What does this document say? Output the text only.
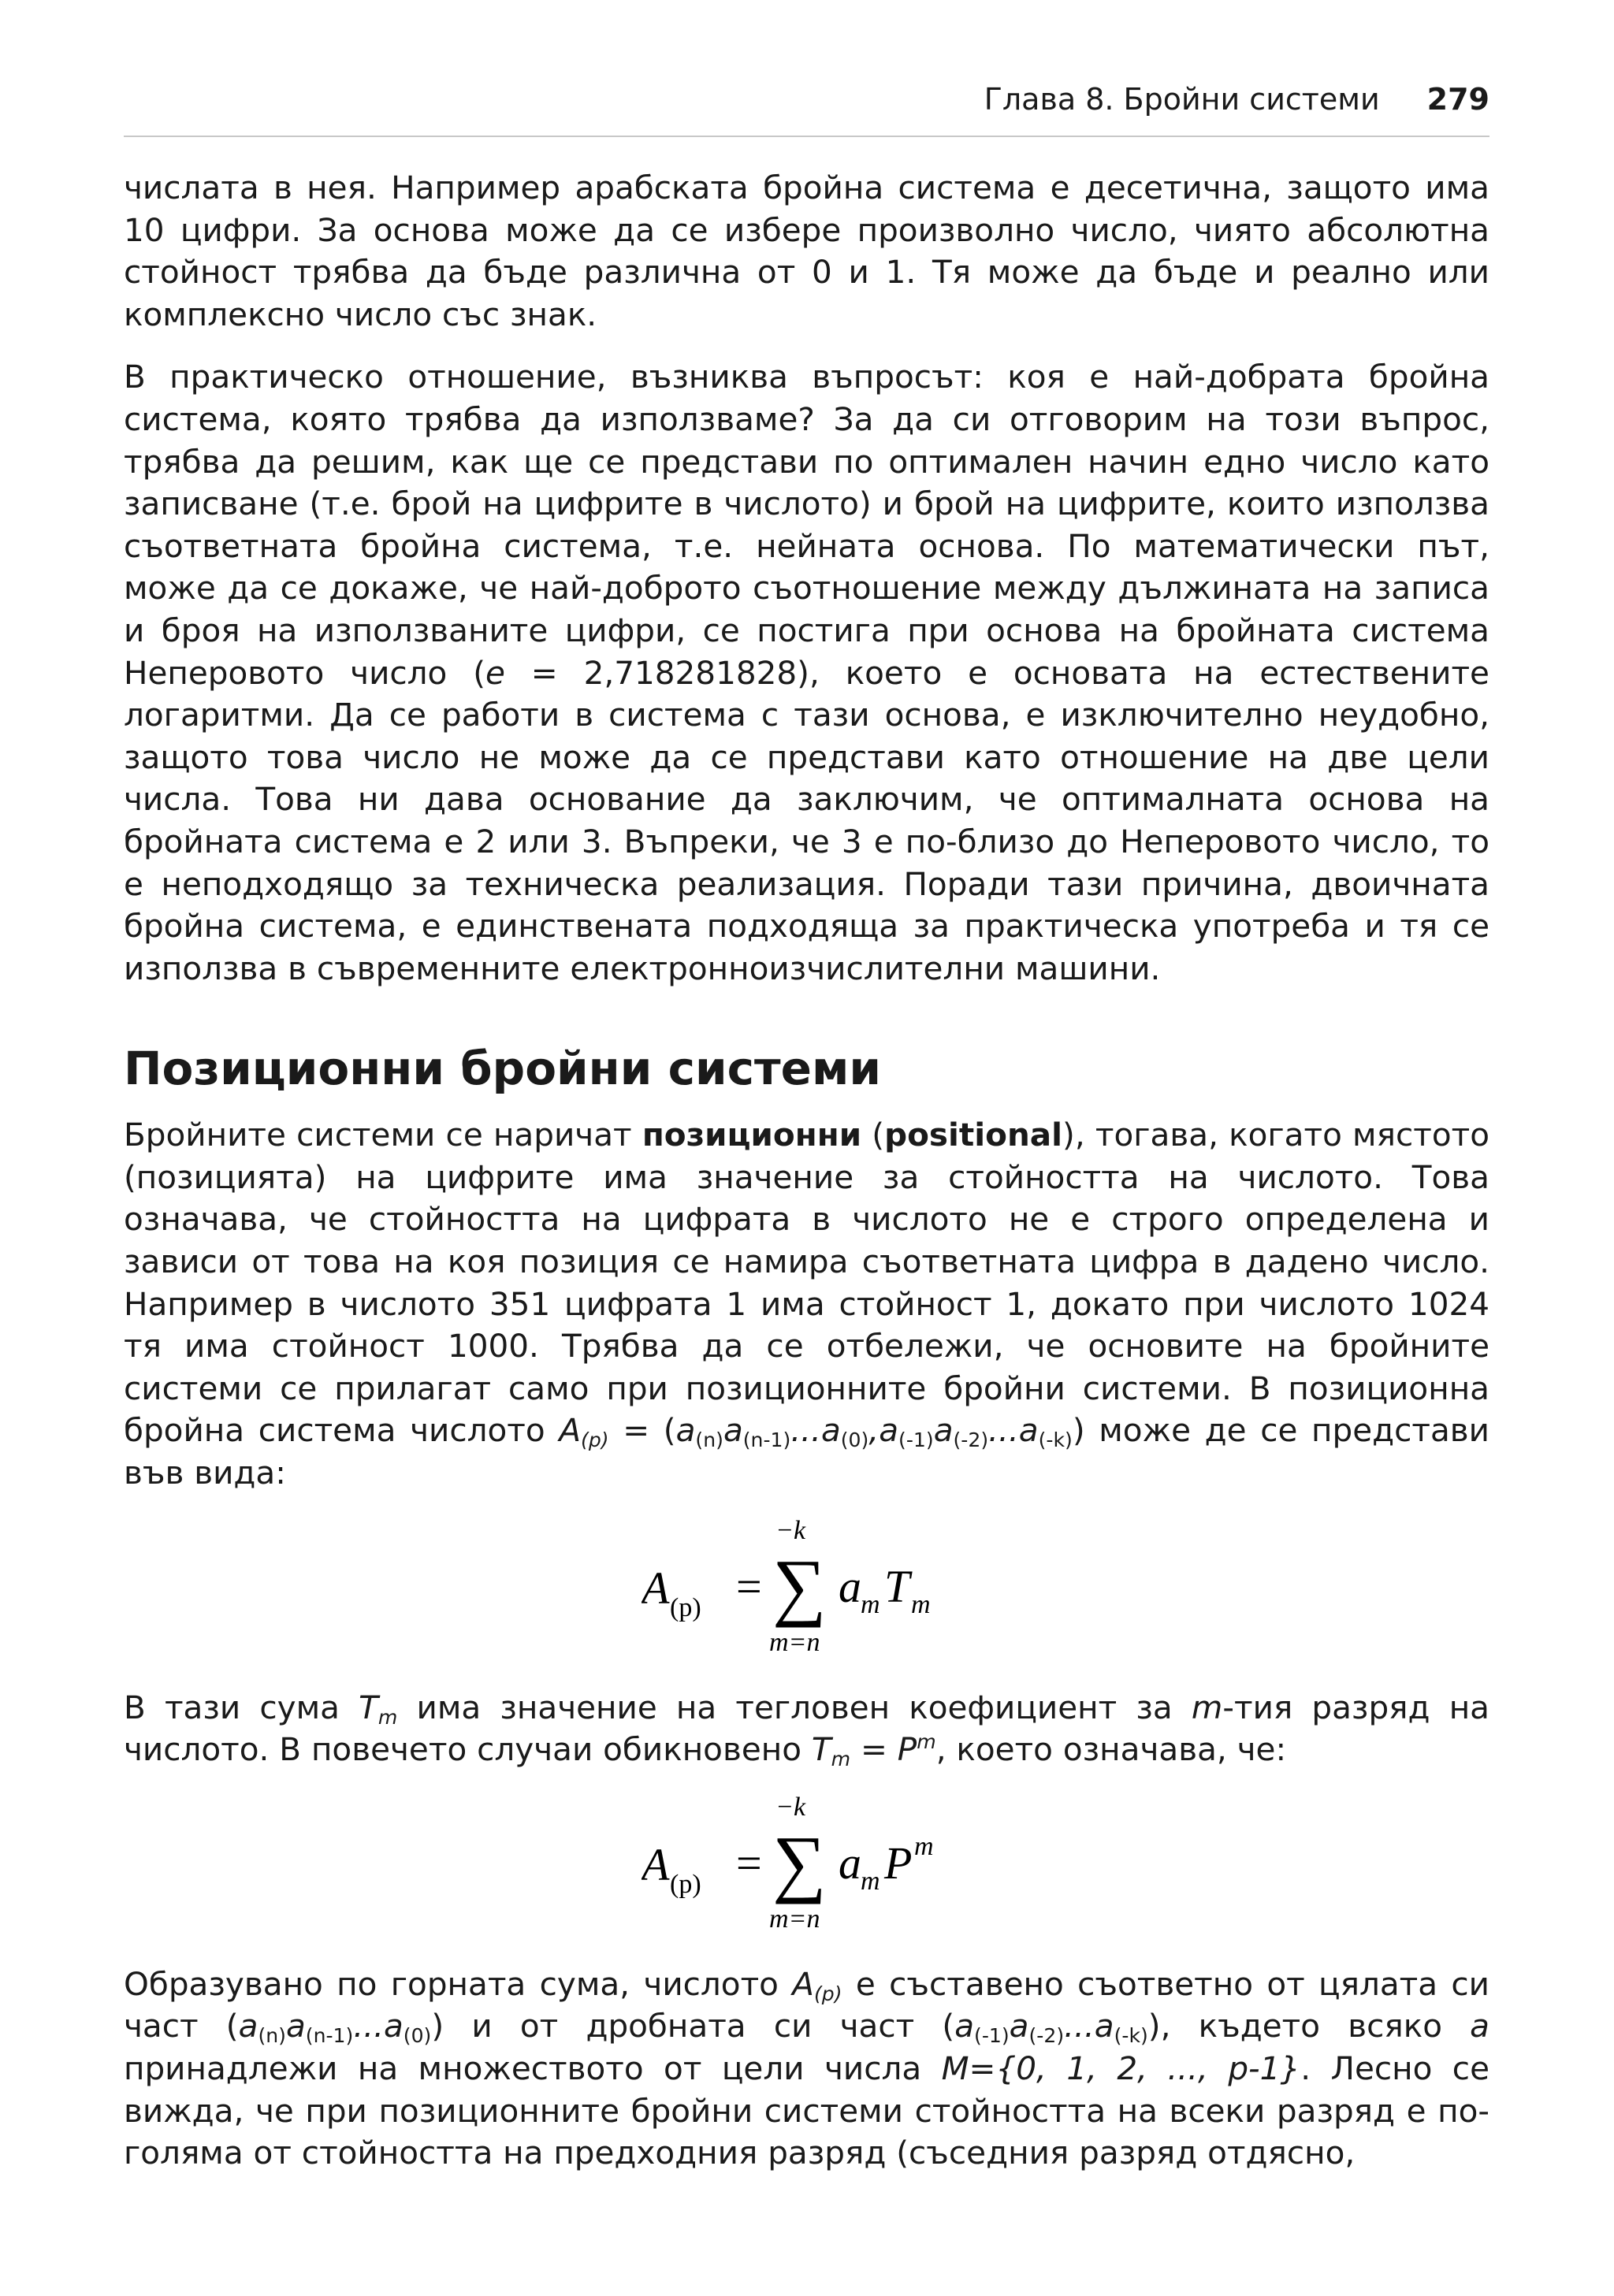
Глава 8. Бройни системи 279

числата в нея. Например арабската бройна система е десетична, защото има 10 цифри. За основа може да се избере произволно число, чиято абсолютна стойност трябва да бъде различна от 0 и 1. Тя може да бъде и реално или комплексно число със знак.

В практическо отношение, възниква въпросът: коя е най-добрата бройна система, която трябва да използваме? За да си отговорим на този въпрос, трябва да решим, как ще се представи по оптимален начин едно число като записване (т.е. брой на цифрите в числото) и брой на цифрите, които използва съответната бройна система, т.е. нейната основа. По математически път, може да се докаже, че най-доброто съотношение между дължината на записа и броя на използваните цифри, се постига при основа на бройната система Неперовото число (e = 2,718281828), което е основата на естествените логаритми. Да се работи в система с тази основа, е изключително неудобно, защото това число не може да се представи като отношение на две цели числа. Това ни дава основание да заключим, че оптималната основа на бройната система е 2 или 3. Въпреки, че 3 е по-близо до Неперовото число, то е неподходящо за техническа реализация. Поради тази причина, двоичната бройна система, е единствената подходяща за практическа употреба и тя се използва в съвременните електронноизчислителни машини.

Позиционни бройни системи

Бройните системи се наричат позиционни (positional), тогава, когато мястото (позицията) на цифрите има значение за стойността на числото. Това означава, че стойността на цифрата в числото не е строго определена и зависи от това на коя позиция се намира съответната цифра в дадено число. Например в числото 351 цифрата 1 има стойност 1, докато при числото 1024 тя има стойност 1000. Трябва да се отбележи, че основите на бройните системи се прилагат само при позиционните бройни системи. В позиционна бройна система числото $A_{(p)} = (a_{(n)}a_{(n-1)}...a_{(0)},a_{(-1)}a_{(-2)}...a_{(-k)})$ може де се представи във вида:

A (p) =
−k
∑
m=n
a m T m

В тази сума $T_m$ има значение на тегловен коефициент за m-тия разряд на числото. В повечето случаи обикновено $T_m = P^m$, което означава, че:

A (p) =
−k
∑
m=n
a m P m

Образувано по горната сума, числото $A_{(p)}$ е съставено съответно от цялата си част $(a_{(n)}a_{(n-1)}...a_{(0)})$ и от дробната си част $(a_{(-1)}a_{(-2)}...a_{(-k)})$, където всяко a принадлежи на множеството от цели числа M={0, 1, 2, ..., p-1}. Лесно се вижда, че при позиционните бройни системи стойността на всеки разряд е по-голяма от стойността на предходния разряд (съседния разряд отдясно,
